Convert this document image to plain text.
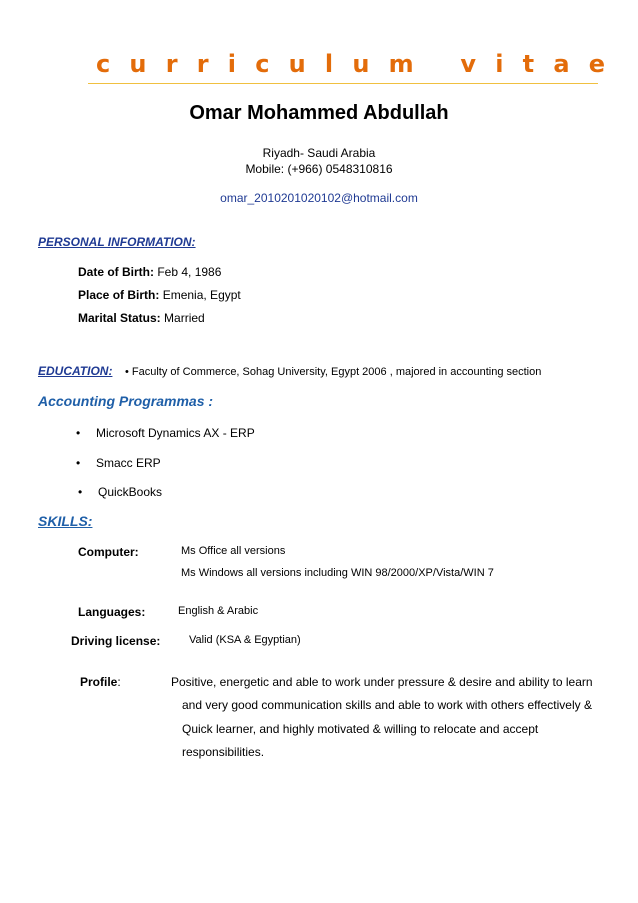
curriculum vitae
Omar Mohammed Abdullah
Riyadh- Saudi Arabia
Mobile: (+966) 0548310816
omar_2010201020102@hotmail.com
PERSONAL INFORMATION:
Date of Birth: Feb 4, 1986
Place of Birth: Emenia, Egypt
Marital Status: Married
EDUCATION: • Faculty of Commerce, Sohag University, Egypt 2006 , majored in accounting section
Accounting Programmas :
• Microsoft Dynamics AX - ERP
• Smacc ERP
• QuickBooks
SKILLS:
Computer:	Ms Office all versions
Ms Windows all versions including WIN 98/2000/XP/Vista/WIN 7
Languages:	English & Arabic
Driving license:	Valid (KSA & Egyptian)
Profile:	Positive, energetic and able to work under pressure & desire and ability to learn
and very good communication skills and able to work with others effectively &
Quick learner, and highly motivated & willing to relocate and accept
responsibilities.
